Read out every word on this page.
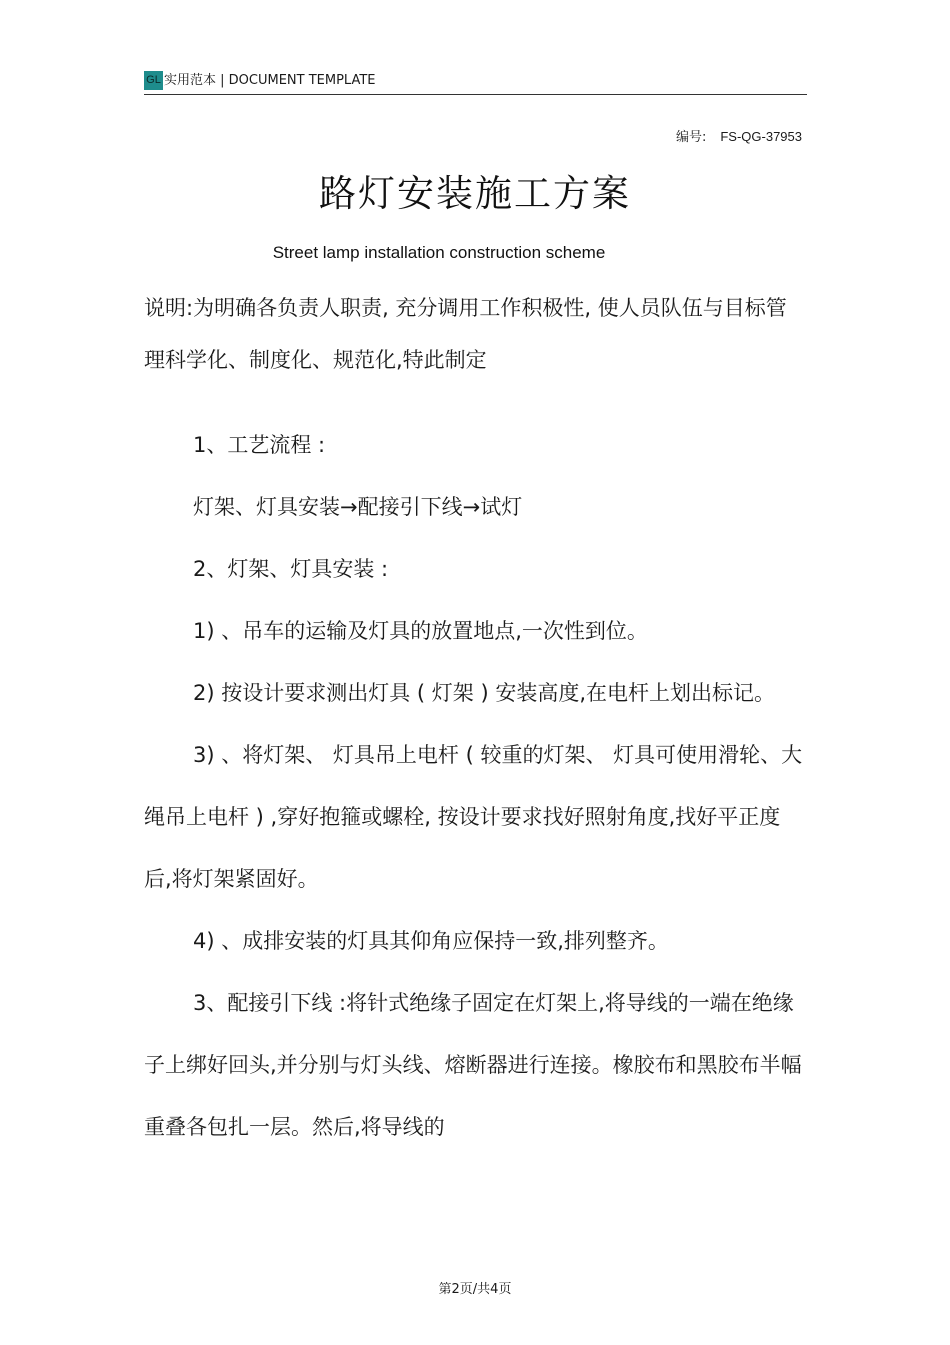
GL 实用范本 | DOCUMENT TEMPLATE
编号: FS-QG-37953
路灯安装施工方案
Street lamp installation construction scheme

说明:为明确各负责人职责, 充分调用工作积极性, 使人员队伍与目标管理科学化、制度化、规范化,特此制定

1、工艺流程 :

灯架、灯具安装→配接引下线→试灯

2、灯架、灯具安装 :

1) 、吊车的运输及灯具的放置地点,一次性到位。

2) 按设计要求测出灯具 ( 灯架 ) 安装高度,在电杆上划出标记。

3) 、将灯架、 灯具吊上电杆 ( 较重的灯架、 灯具可使用滑轮、大绳吊上电杆 ) ,穿好抱箍或螺栓, 按设计要求找好照射角度,找好平正度后,将灯架紧固好。

4) 、成排安装的灯具其仰角应保持一致,排列整齐。

3、配接引下线 :将针式绝缘子固定在灯架上,将导线的一端在绝缘子上绑好回头,并分别与灯头线、熔断器进行连接。橡胶布和黑胶布半幅重叠各包扎一层。然后,将导线的

第2页/共4页
